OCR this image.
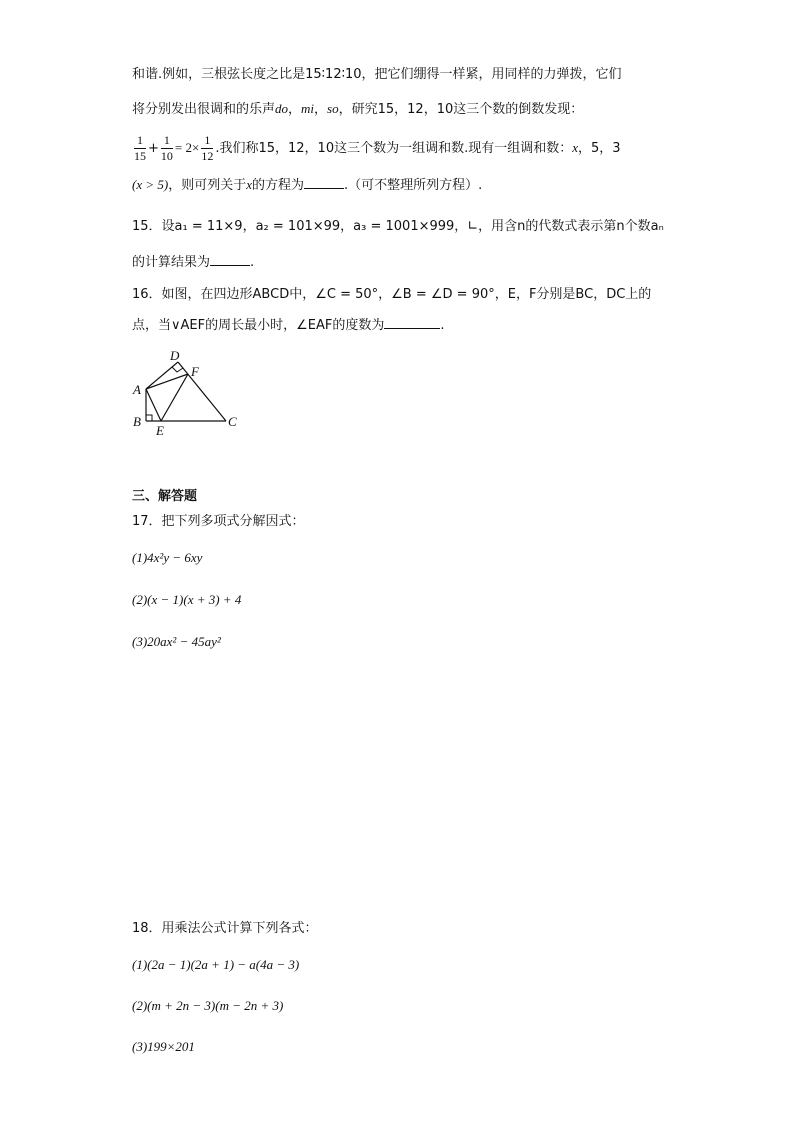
和谐.例如，三根弦长度之比是15∶12∶10，把它们绷得一样紧，用同样的力弹拨，它们
将分别发出很调和的乐声do，mi，so，研究15，12，10这三个数的倒数发现：
$\frac{1}{15} + \frac{1}{10} = 2\times \frac{1}{12}$ .我们称15，12，10这三个数为一组调和数.现有一组调和数：x，5，3
(x > 5)，则可列关于x的方程为	.（可不整理所列方程）.
15．设a₁ = 11×9，a₂ = 101×99，a₃ = 1001×999，∟，用含n的代数式表示第n个数aₙ
的计算结果为	.
16．如图，在四边形ABCD中，∠C = 50°，∠B = ∠D = 90°，E，F分别是BC，DC上的
点，当∨AEF的周长最小时，∠EAF的度数为	.
D
F
A
B
E
C
三、解答题
17．把下列多项式分解因式：
(1)4x²y − 6xy
(2)(x − 1)(x + 3) + 4
(3)20ax² − 45ay²
18．用乘法公式计算下列各式：
(1)(2a − 1)(2a + 1) − a(4a − 3)
(2)(m + 2n − 3)(m − 2n + 3)
(3)199×201
